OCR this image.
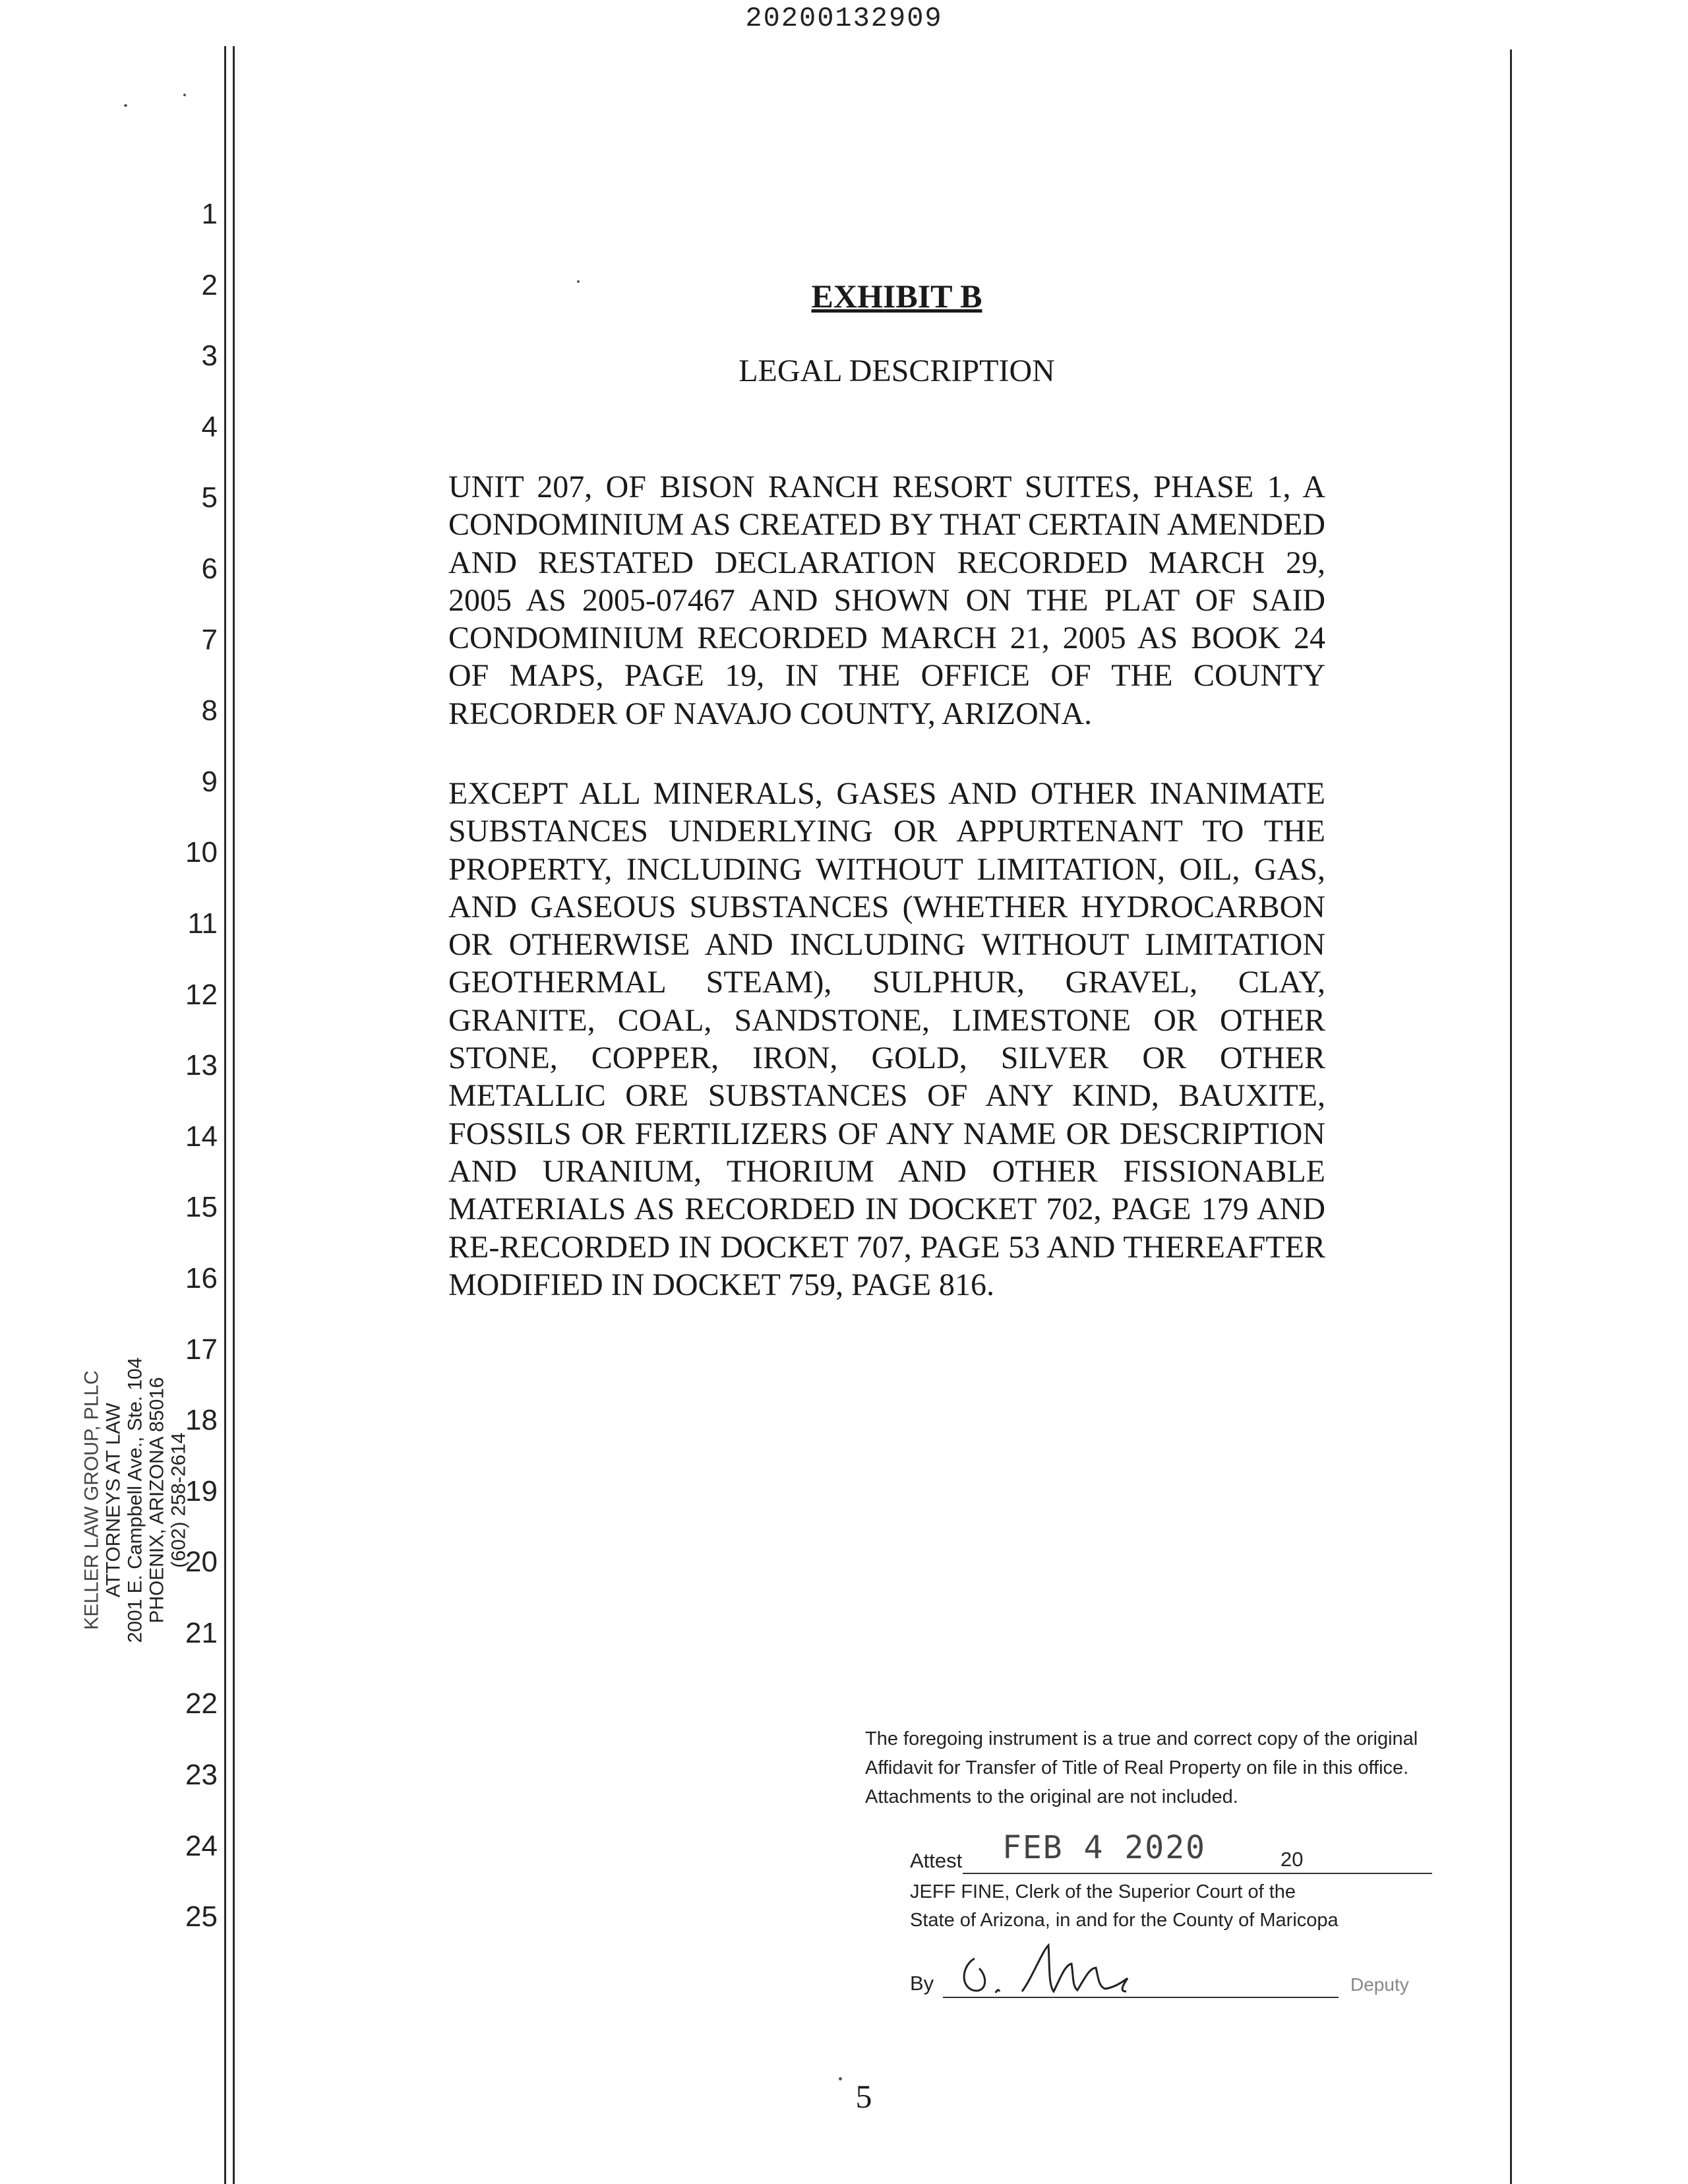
20200132909
1
2
3
4
5
6
7
8
9
10
11
12
13
14
15
16
17
18
19
20
21
22
23
24
25
KELLER LAW GROUP, PLLC ATTORNEYS AT LAW 2001 E. Campbell Ave., Ste. 104 PHOENIX, ARIZONA 85016 (602) 258-2614
EXHIBIT B
LEGAL DESCRIPTION
UNIT 207, OF BISON RANCH RESORT SUITES, PHASE 1, A CONDOMINIUM AS CREATED BY THAT CERTAIN AMENDED AND RESTATED DECLARATION RECORDED MARCH 29, 2005 AS 2005-07467 AND SHOWN ON THE PLAT OF SAID CONDOMINIUM RECORDED MARCH 21, 2005 AS BOOK 24 OF MAPS, PAGE 19, IN THE OFFICE OF THE COUNTY RECORDER OF NAVAJO COUNTY, ARIZONA.
EXCEPT ALL MINERALS, GASES AND OTHER INANIMATE SUBSTANCES UNDERLYING OR APPURTENANT TO THE PROPERTY, INCLUDING WITHOUT LIMITATION, OIL, GAS, AND GASEOUS SUBSTANCES (WHETHER HYDROCARBON OR OTHERWISE AND INCLUDING WITHOUT LIMITATION GEOTHERMAL STEAM), SULPHUR, GRAVEL, CLAY, GRANITE, COAL, SANDSTONE, LIMESTONE OR OTHER STONE, COPPER, IRON, GOLD, SILVER OR OTHER METALLIC ORE SUBSTANCES OF ANY KIND, BAUXITE, FOSSILS OR FERTILIZERS OF ANY NAME OR DESCRIPTION AND URANIUM, THORIUM AND OTHER FISSIONABLE MATERIALS AS RECORDED IN DOCKET 702, PAGE 179 AND RE-RECORDED IN DOCKET 707, PAGE 53 AND THEREAFTER MODIFIED IN DOCKET 759, PAGE 816.
The foregoing instrument is a true and correct copy of the original
Affidavit for Transfer of Title of Real Property on file in this office.
Attachments to the original are not included.
Attest FEB 4 2020	20
JEFF FINE, Clerk of the Superior Court of the
State of Arizona, in and for the County of Maricopa
By	Deputy
5
